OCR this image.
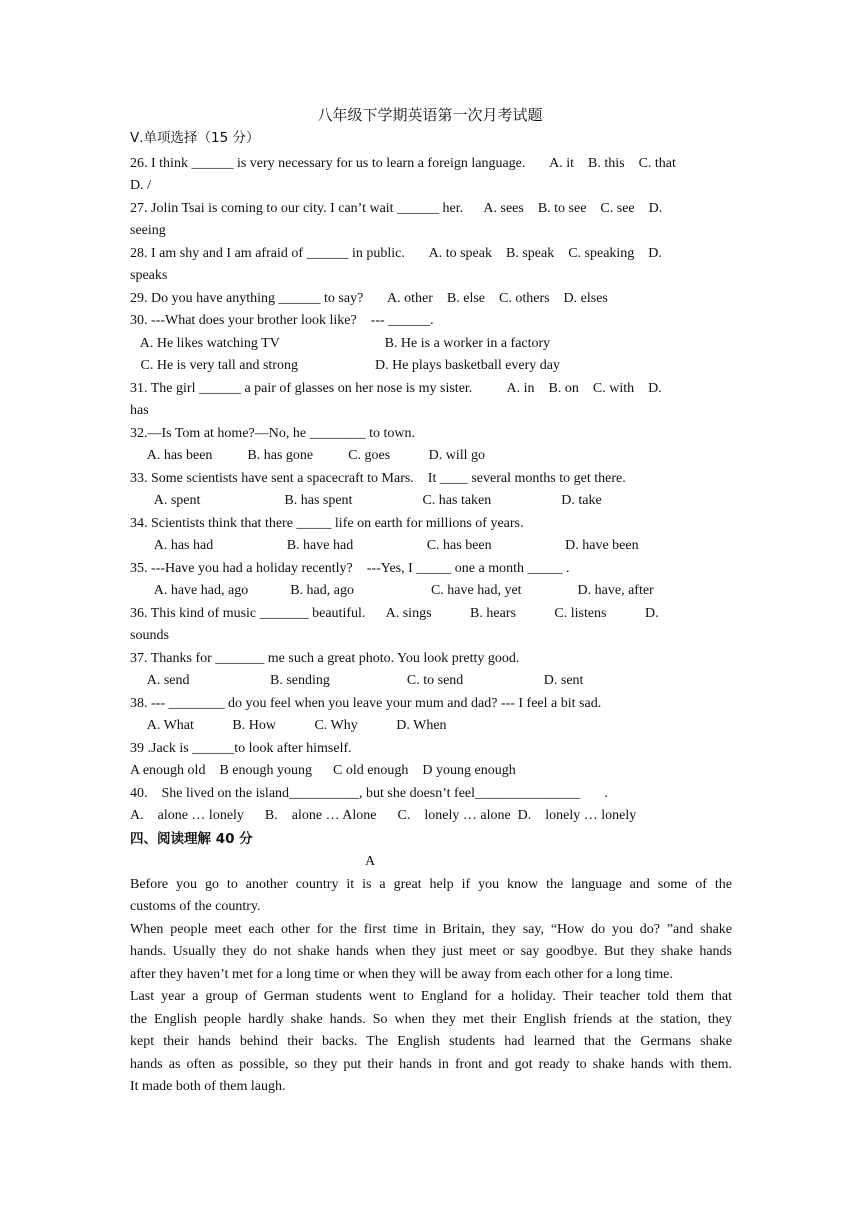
八年级下学期英语第一次月考试题
Ⅴ.单项选择（15 分）
26. I think ______ is very necessary for us to learn a foreign language.       A. it    B. this    C. that
D. /
27. Jolin Tsai is coming to our city. I can’t wait ______ her.      A. sees    B. to see    C. see    D.
seeing
28. I am shy and I am afraid of ______ in public.       A. to speak    B. speak    C. speaking    D.
speaks
29. Do you have anything ______ to say?       A. other    B. else    C. others    D. elses
30. ---What does your brother look like?    --- ______.
A. He likes watching TV                              B. He is a worker in a factory
C. He is very tall and strong                      D. He plays basketball every day
31. The girl ______ a pair of glasses on her nose is my sister.          A. in    B. on    C. with    D.
has
32.—Is Tom at home?—No, he ________ to town.
A. has been          B. has gone          C. goes           D. will go
33. Some scientists have sent a spacecraft to Mars.    It ____ several months to get there.
A. spent                        B. has spent                    C. has taken                    D. take
34. Scientists think that there _____ life on earth for millions of years.
A. has had                     B. have had                     C. has been                     D. have been
35. ---Have you had a holiday recently?    ---Yes, I _____ one a month _____ .
A. have had, ago            B. had, ago                      C. have had, yet                D. have, after
36. This kind of music _______ beautiful.      A. sings           B. hears           C. listens           D.
sounds
37. Thanks for _______ me such a great photo. You look pretty good.
A. send                       B. sending                      C. to send                       D. sent
38. --- ________ do you feel when you leave your mum and dad? --- I feel a bit sad.
A. What           B. How           C. Why           D. When
39 .Jack is ______to look after himself.
A enough old    B enough young      C old enough    D young enough
40.    She lived on the island__________, but she doesn’t feel_______________       .
A.    alone … lonely      B.    alone … Alone      C.    lonely … alone  D.    lonely … lonely
四、阅读理解 40 分
A
Before you go to another country it is a great help if you know the language and some of the
customs of the country.
When people meet each other for the first time in Britain, they say, “How do you do? ”and shake
hands. Usually they do not shake hands when they just meet or say goodbye. But they shake hands
after they haven’t met for a long time or when they will be away from each other for a long time.
Last year a group of German students went to England for a holiday. Their teacher told them that
the English people hardly shake hands. So when they met their English friends at the station, they
kept their hands behind their backs. The English students had learned that the Germans shake
hands as often as possible, so they put their hands in front and got ready to shake hands with them.
It made both of them laugh.
